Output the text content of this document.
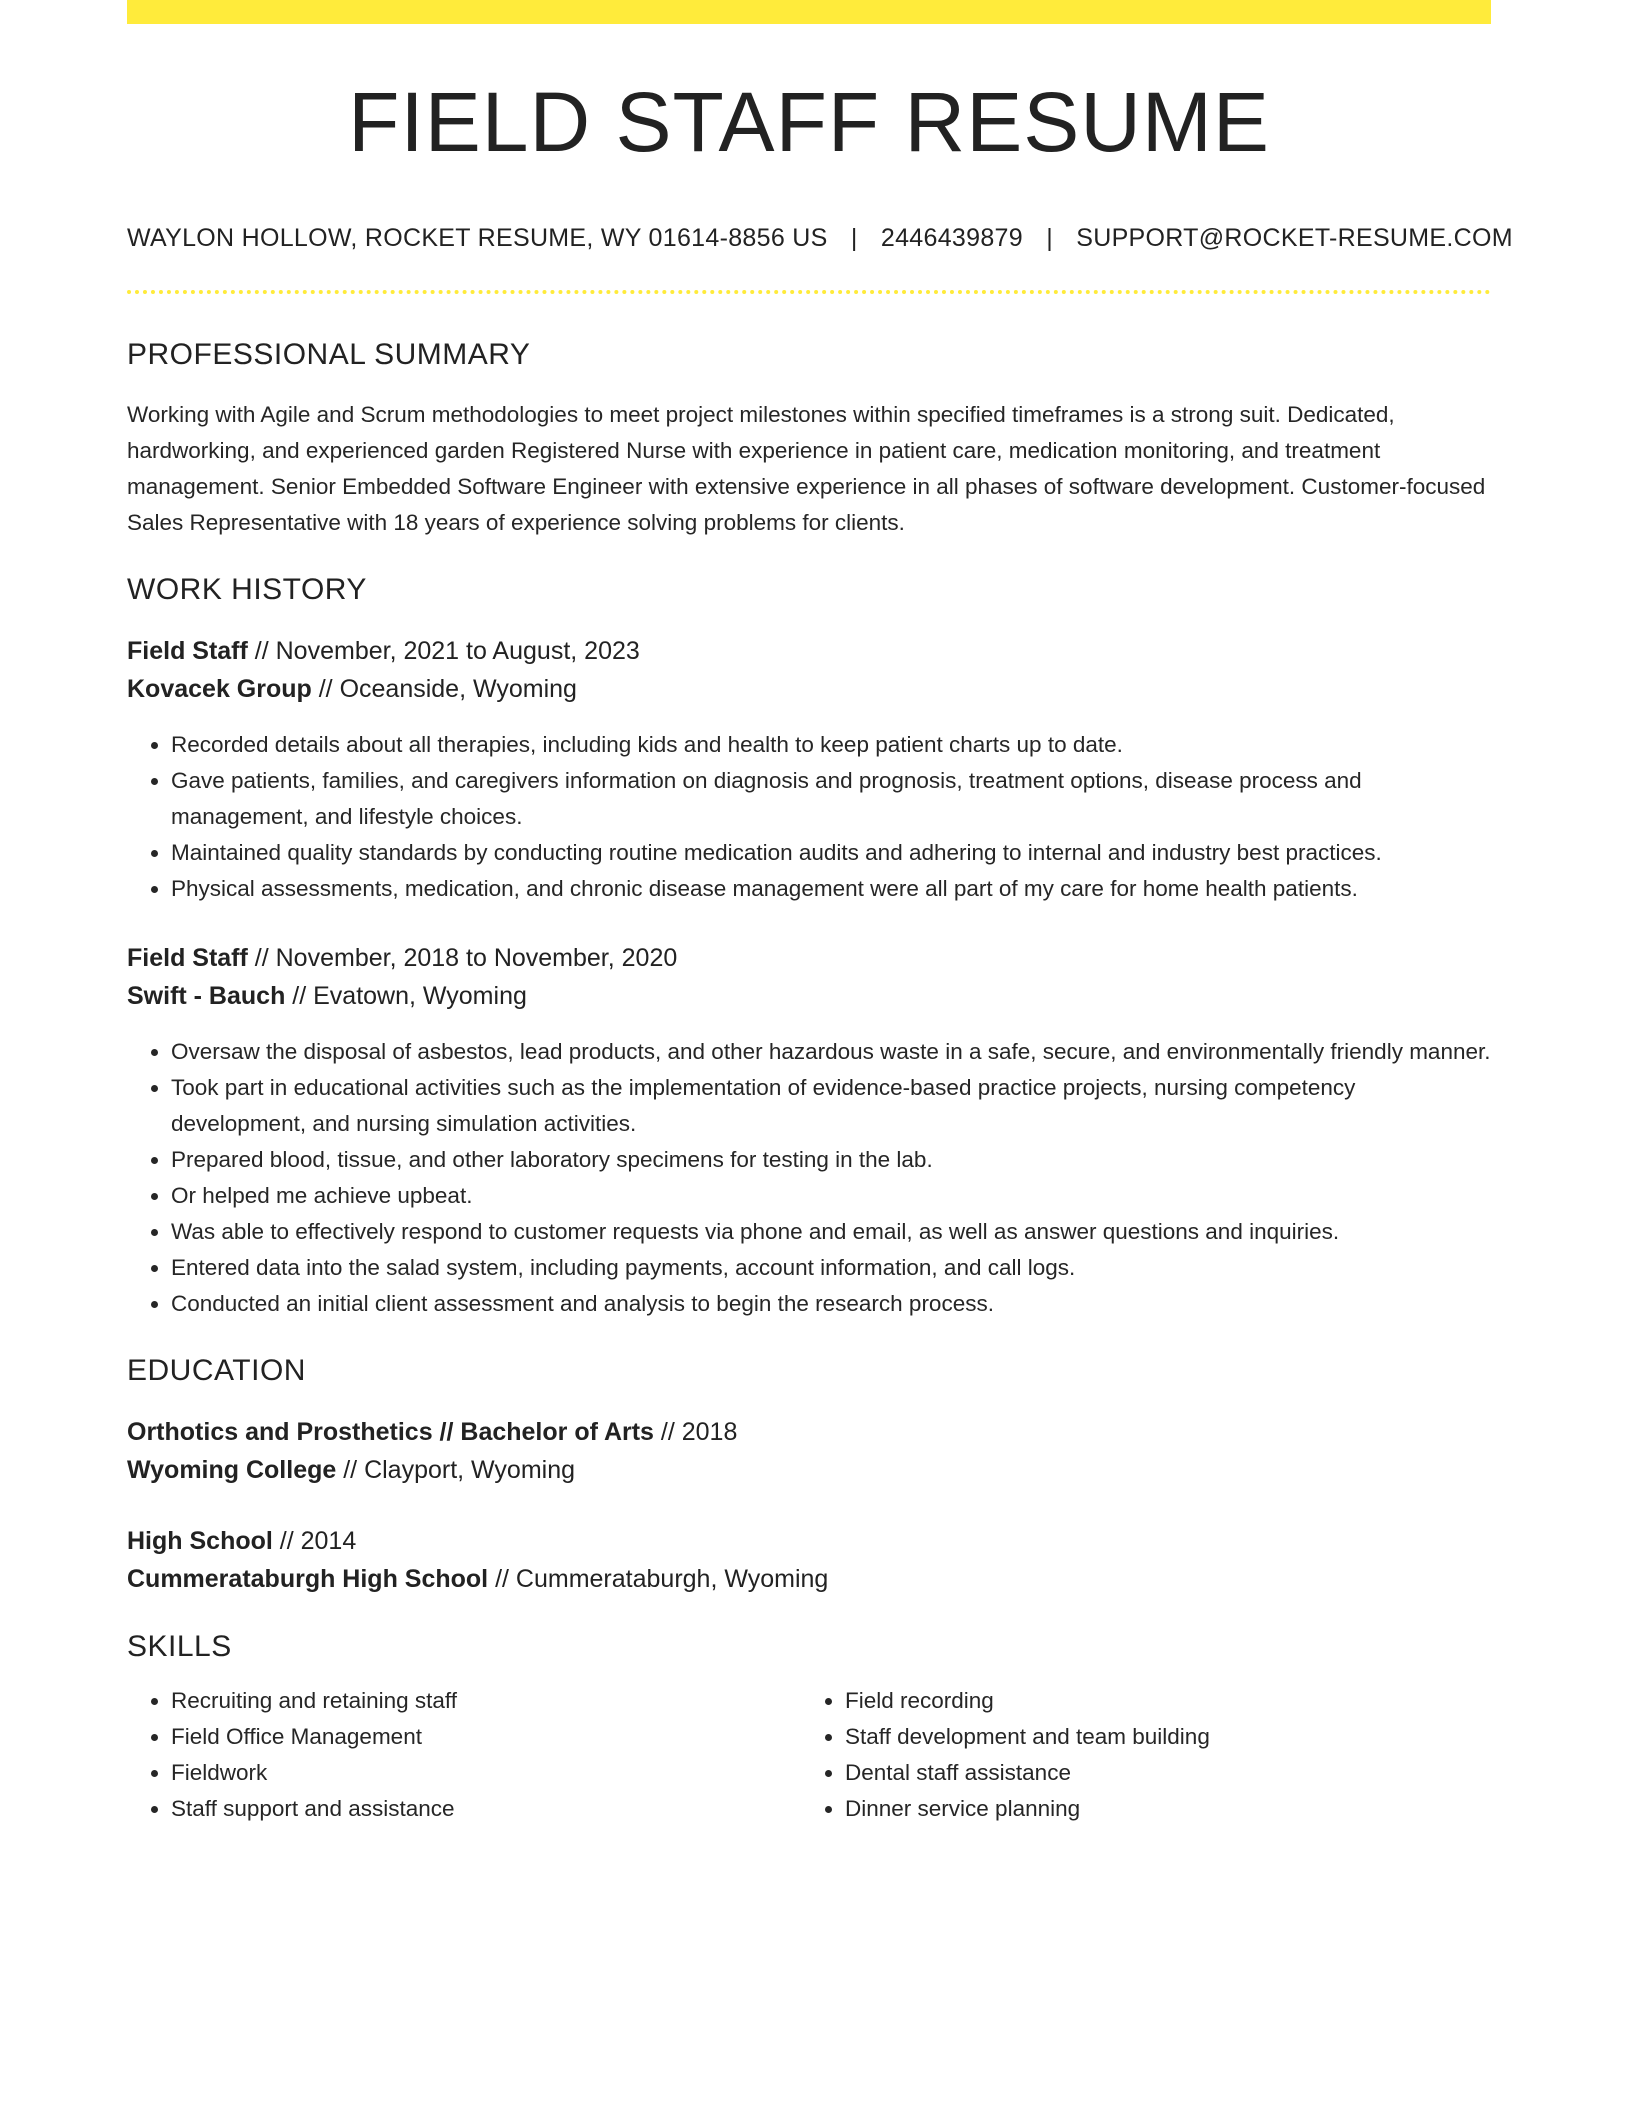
FIELD STAFF RESUME
WAYLON HOLLOW, ROCKET RESUME, WY 01614-8856 US | 2446439879 | SUPPORT@ROCKET-RESUME.COM
PROFESSIONAL SUMMARY
Working with Agile and Scrum methodologies to meet project milestones within specified timeframes is a strong suit. Dedicated, hardworking, and experienced garden Registered Nurse with experience in patient care, medication monitoring, and treatment management. Senior Embedded Software Engineer with extensive experience in all phases of software development. Customer-focused Sales Representative with 18 years of experience solving problems for clients.
WORK HISTORY
Field Staff // November, 2021 to August, 2023
Kovacek Group // Oceanside, Wyoming
• Recorded details about all therapies, including kids and health to keep patient charts up to date.
• Gave patients, families, and caregivers information on diagnosis and prognosis, treatment options, disease process and management, and lifestyle choices.
• Maintained quality standards by conducting routine medication audits and adhering to internal and industry best practices.
• Physical assessments, medication, and chronic disease management were all part of my care for home health patients.
Field Staff // November, 2018 to November, 2020
Swift - Bauch // Evatown, Wyoming
• Oversaw the disposal of asbestos, lead products, and other hazardous waste in a safe, secure, and environmentally friendly manner.
• Took part in educational activities such as the implementation of evidence-based practice projects, nursing competency development, and nursing simulation activities.
• Prepared blood, tissue, and other laboratory specimens for testing in the lab.
• Or helped me achieve upbeat.
• Was able to effectively respond to customer requests via phone and email, as well as answer questions and inquiries.
• Entered data into the salad system, including payments, account information, and call logs.
• Conducted an initial client assessment and analysis to begin the research process.
EDUCATION
Orthotics and Prosthetics // Bachelor of Arts // 2018
Wyoming College // Clayport, Wyoming
High School // 2014
Cummerataburgh High School // Cummerataburgh, Wyoming
SKILLS
• Recruiting and retaining staff
• Field Office Management
• Fieldwork
• Staff support and assistance
• Field recording
• Staff development and team building
• Dental staff assistance
• Dinner service planning
